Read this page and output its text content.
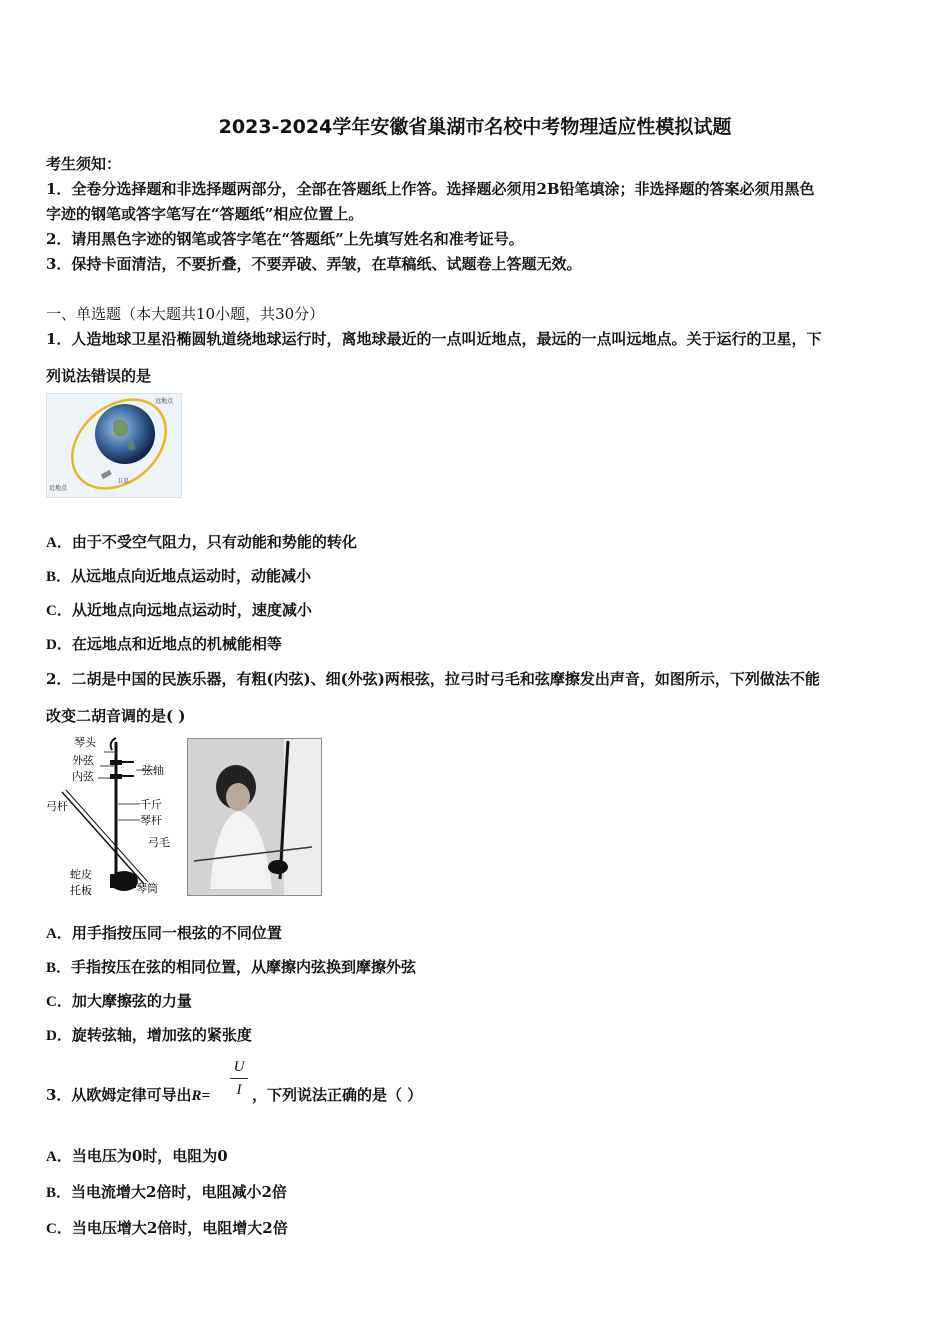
2023-2024学年安徽省巢湖市名校中考物理适应性模拟试题
考生须知：
1．全卷分选择题和非选择题两部分，全部在答题纸上作答。选择题必须用2B铅笔填涂；非选择题的答案必须用黑色
字迹的钢笔或答字笔写在“答题纸”相应位置上。
2．请用黑色字迹的钢笔或答字笔在“答题纸”上先填写姓名和准考证号。
3．保持卡面清洁，不要折叠，不要弄破、弄皱，在草稿纸、试题卷上答题无效。
一、单选题（本大题共10小题，共30分）
1．人造地球卫星沿椭圆轨道绕地球运行时，离地球最近的一点叫近地点，最远的一点叫远地点。关于运行的卫星，下
列说法错误的是
远地点
近地点
卫星
A．由于不受空气阻力，只有动能和势能的转化
B．从远地点向近地点运动时，动能减小
C．从近地点向远地点运动时，速度减小
D．在远地点和近地点的机械能相等
2．二胡是中国的民族乐器，有粗(内弦)、细(外弦)两根弦，拉弓时弓毛和弦摩擦发出声音，如图所示，下列做法不能
改变二胡音调的是( )
琴头
外弦
内弦	弦轴
弓杆	千斤
琴杆
弓毛
蛇皮
托板	琴筒
A．用手指按压同一根弦的不同位置
B．手指按压在弦的相同位置，从摩擦内弦换到摩擦外弦
C．加大摩擦弦的力量
D．旋转弦轴，增加弦的紧张度
3．从欧姆定律可导出R=
U
I ，下列说法正确的是（ ）
A．当电压为0时，电阻为0
B．当电流增大2倍时，电阻减小2倍
C．当电压增大2倍时，电阻增大2倍
